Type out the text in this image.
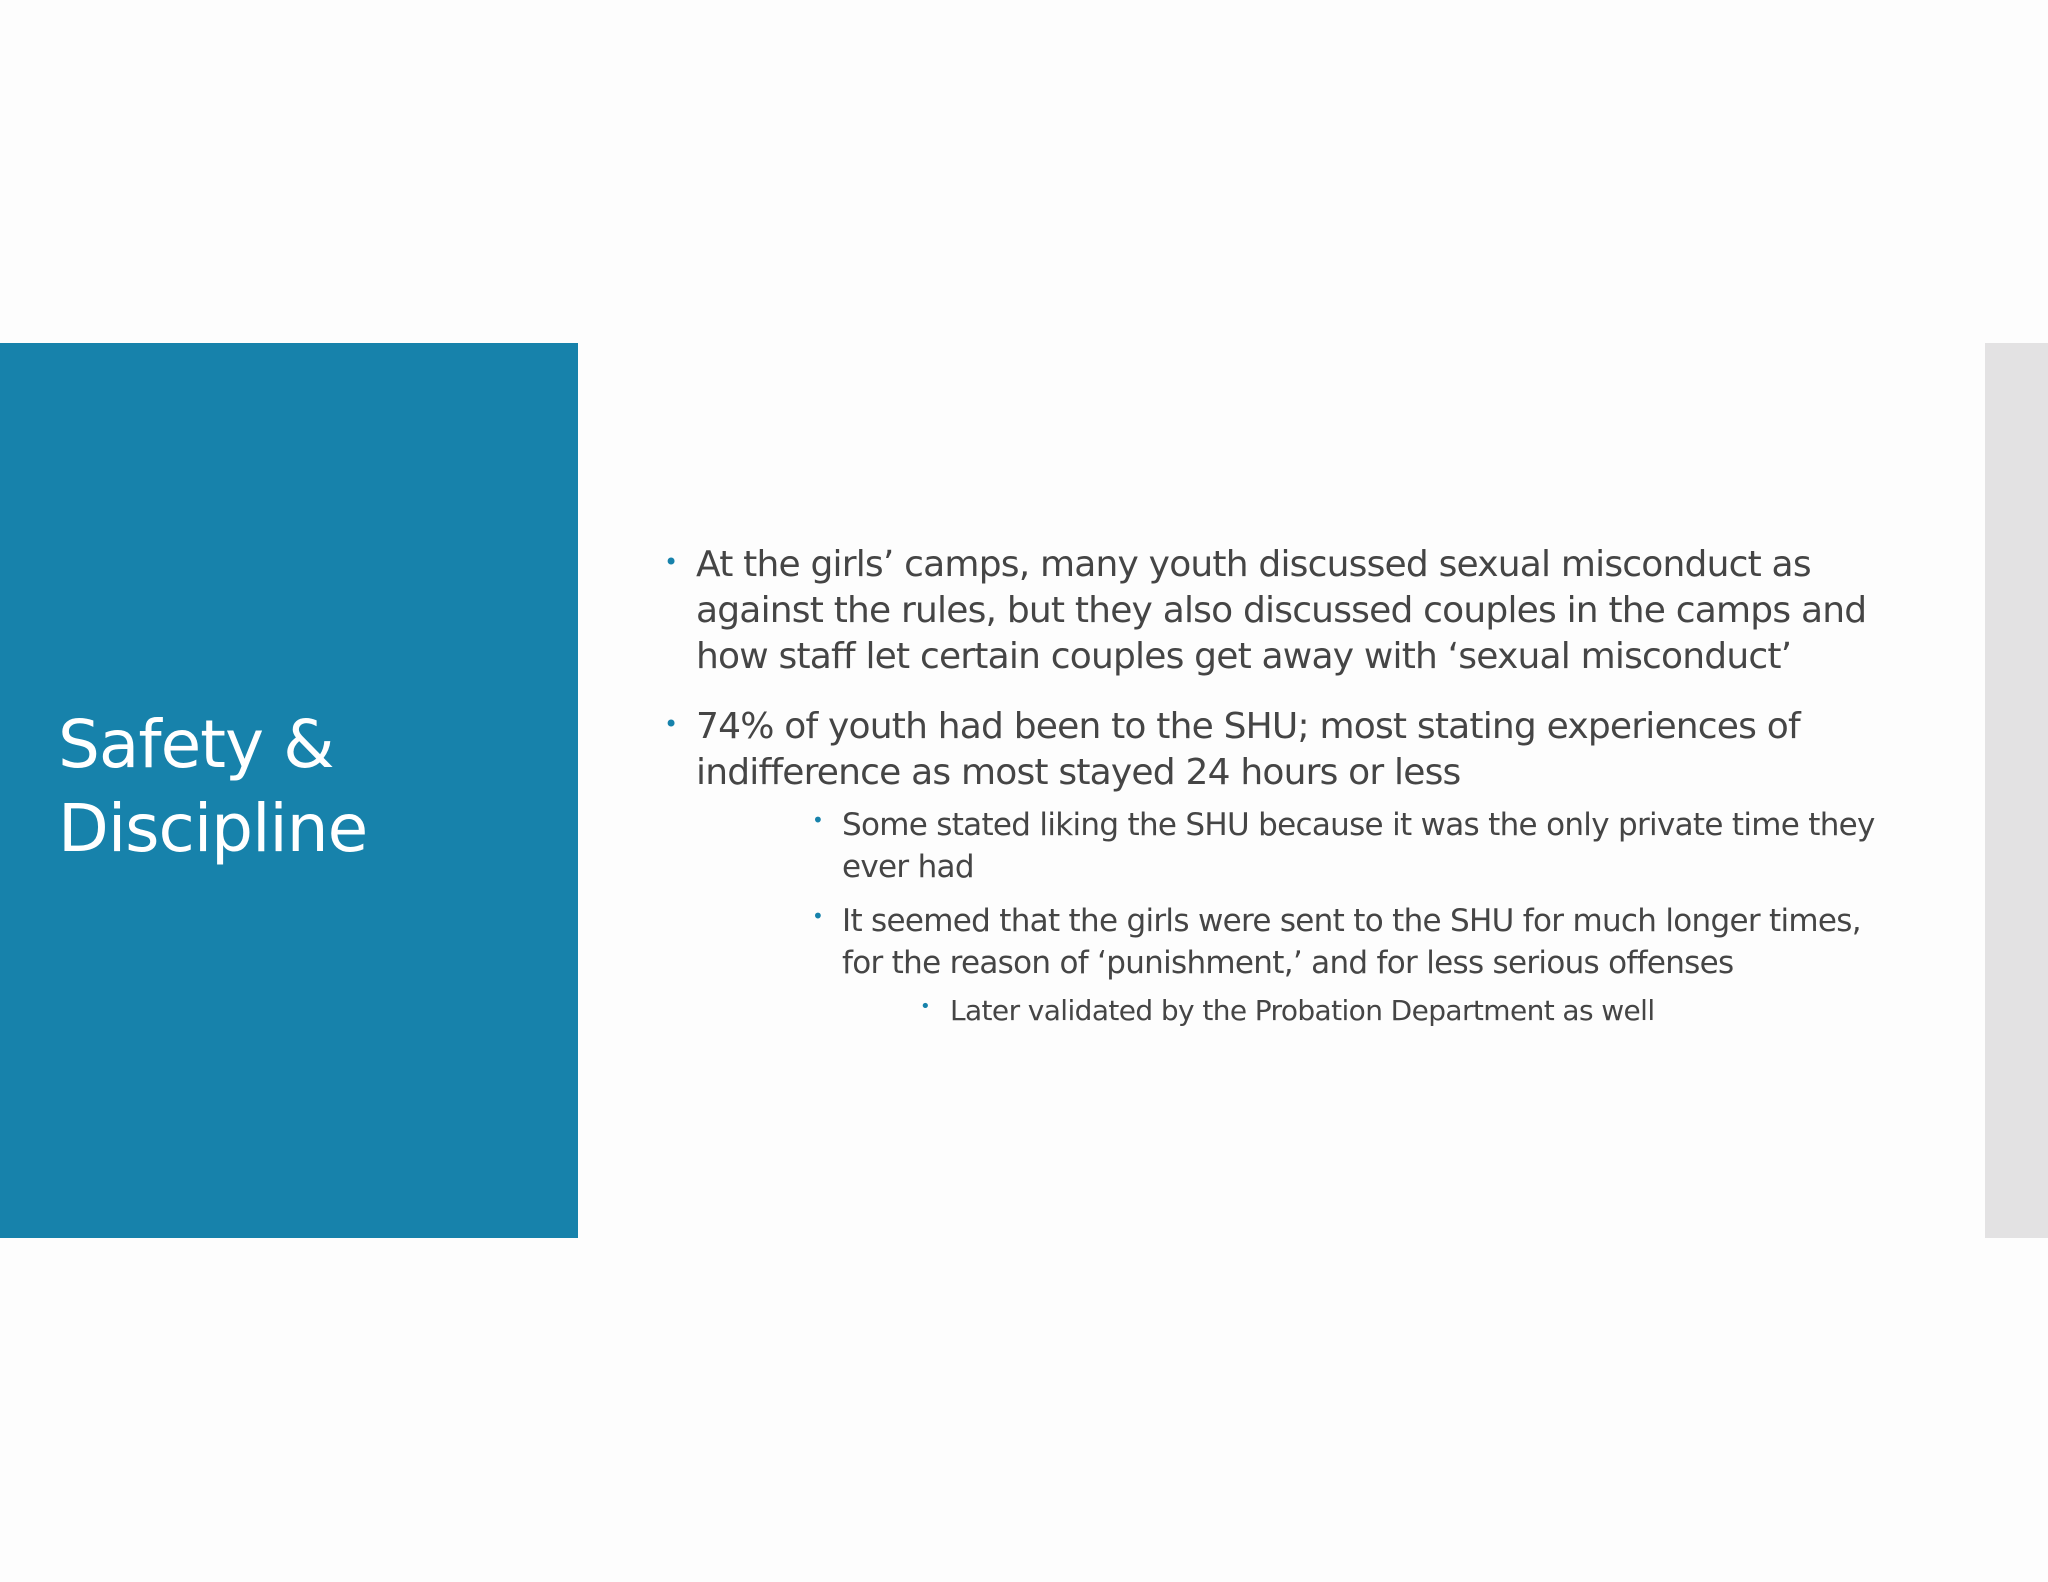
Safety &
Discipline
• At the girls’ camps, many youth discussed sexual misconduct as against the rules, but they also discussed couples in the camps and how staff let certain couples get away with ‘sexual misconduct’
• 74% of youth had been to the SHU; most stating experiences of indifference as most stayed 24 hours or less
• Some stated liking the SHU because it was the only private time they ever had
• It seemed that the girls were sent to the SHU for much longer times, for the reason of ‘punishment,’ and for less serious offenses
• Later validated by the Probation Department as well
